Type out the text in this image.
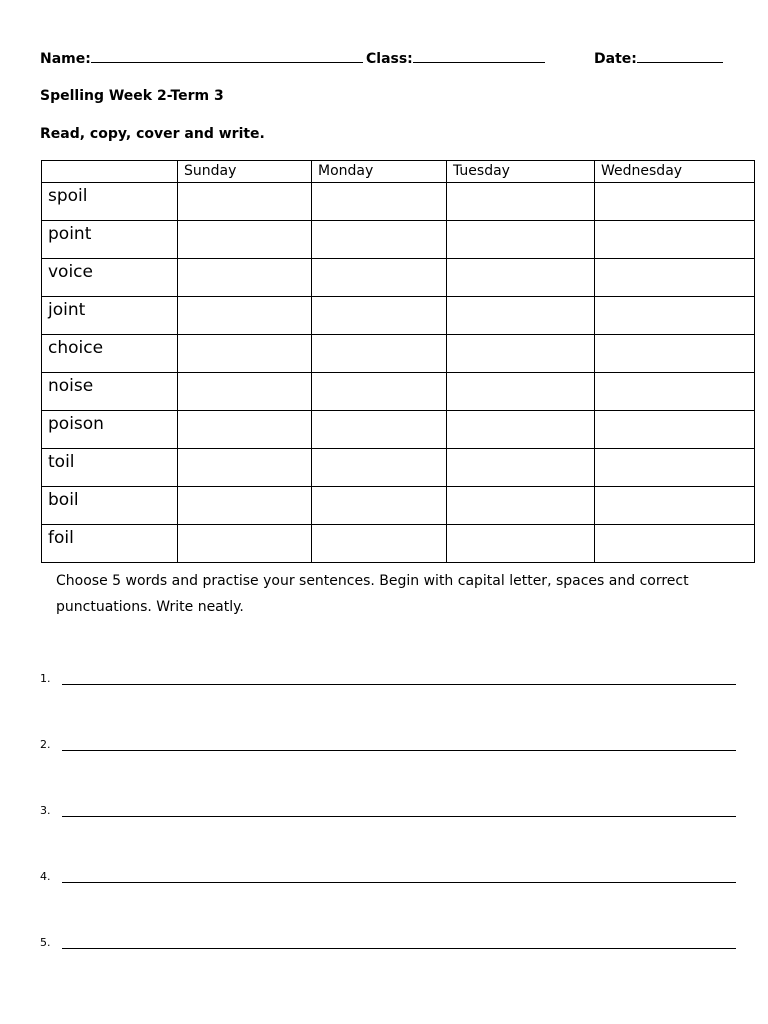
Name:	Class:	Date:
Spelling Week 2-Term 3
Read, copy, cover and write.
	Sunday	Monday	Tuesday	Wednesday
spoil				
point				
voice				
joint				
choice				
noise				
poison				
toil				
boil				
foil				

Choose 5 words and practise your sentences. Begin with capital letter, spaces and correct punctuations. Write neatly.

1.
2.
3.
4.
5.
